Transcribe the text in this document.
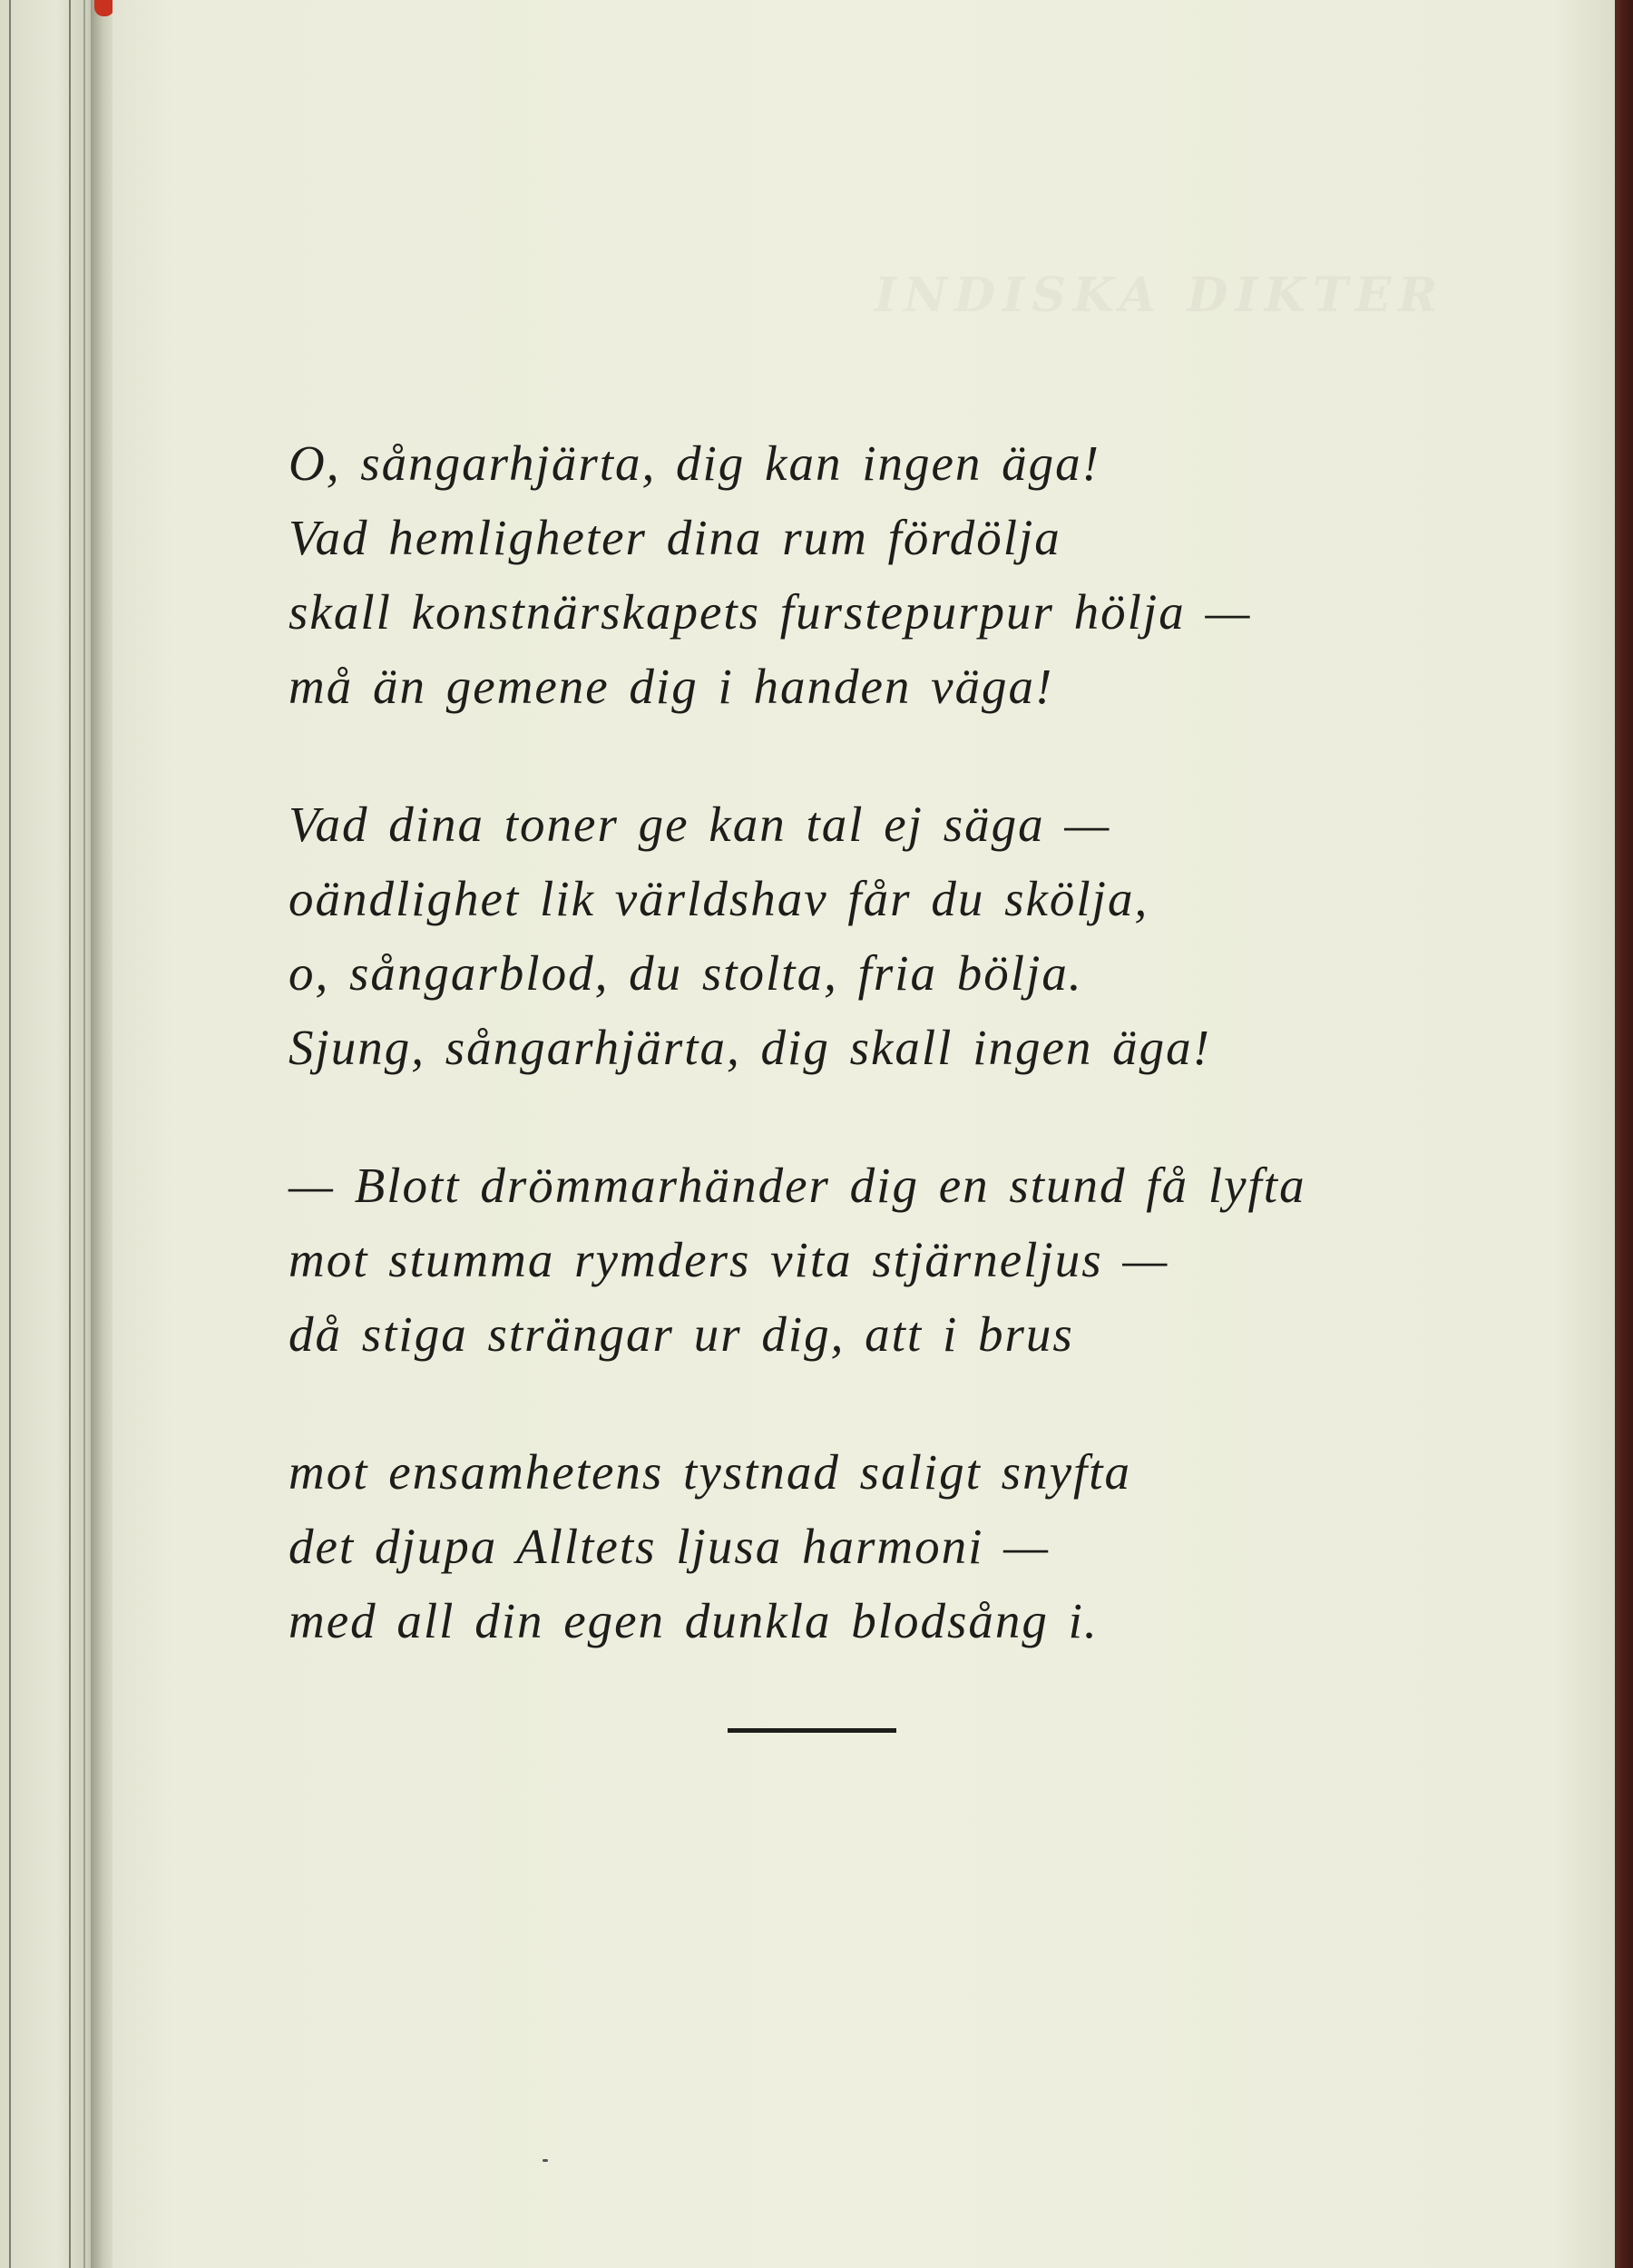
INDISKA DIKTER
O, sångarhjärta, dig kan ingen äga!
Vad hemligheter dina rum fördölja
skall konstnärskapets furstepurpur hölja —
må än gemene dig i handen väga!
Vad dina toner ge kan tal ej säga —
oändlighet lik världshav får du skölja,
o, sångarblod, du stolta, fria bölja.
Sjung, sångarhjärta, dig skall ingen äga!
— Blott drömmarhänder dig en stund få lyfta
mot stumma rymders vita stjärneljus —
då stiga strängar ur dig, att i brus
mot ensamhetens tystnad saligt snyfta
det djupa Alltets ljusa harmoni —
med all din egen dunkla blodsång i.
